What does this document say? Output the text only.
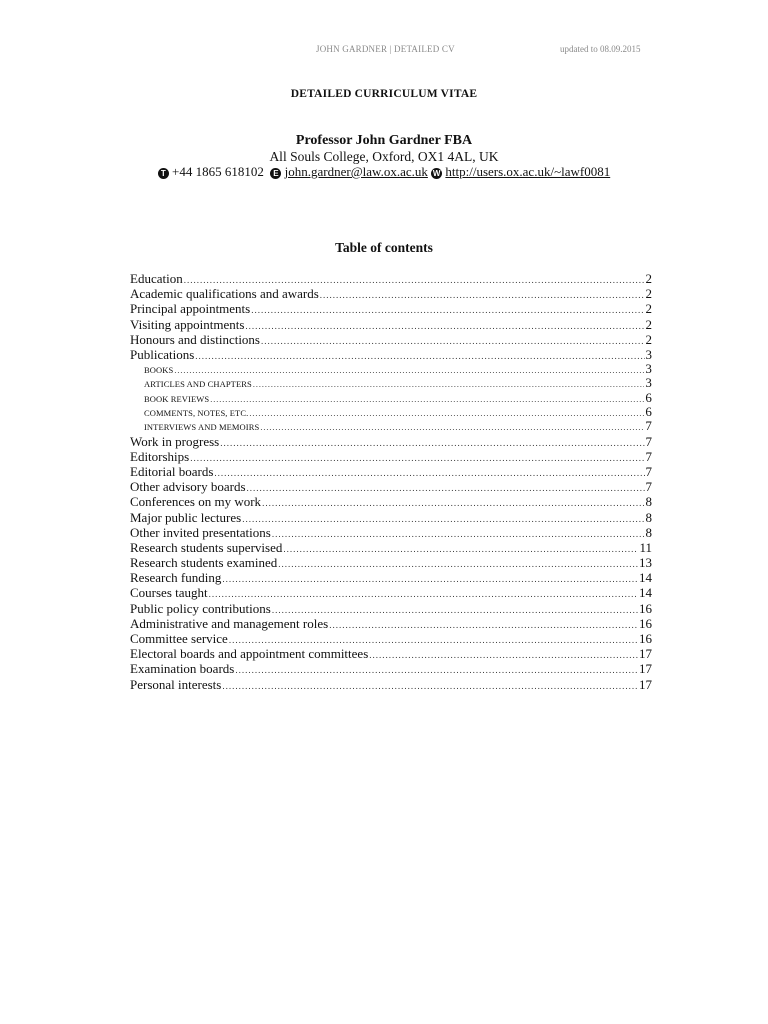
JOHN GARDNER | DETAILED CV	updated to 08.09.2015
DETAILED CURRICULUM VITAE
Professor John Gardner FBA
All Souls College, Oxford, OX1 4AL, UK
T +44 1865 618102 E john.gardner@law.ox.ac.uk W http://users.ox.ac.uk/~lawf0081
Table of contents
Education .....	2
Academic qualifications and awards .....	2
Principal appointments .....	2
Visiting appointments .....	2
Honours and distinctions .....	2
Publications .....	3
BOOKS .....	3
ARTICLES AND CHAPTERS .....	3
BOOK REVIEWS .....	6
COMMENTS, NOTES, ETC. .....	6
INTERVIEWS AND MEMOIRS .....	7
Work in progress .....	7
Editorships .....	7
Editorial boards .....	7
Other advisory boards .....	7
Conferences on my work .....	8
Major public lectures .....	8
Other invited presentations .....	8
Research students supervised .....	11
Research students examined .....	13
Research funding .....	14
Courses taught .....	14
Public policy contributions .....	16
Administrative and management roles .....	16
Committee service .....	16
Electoral boards and appointment committees .....	17
Examination boards .....	17
Personal interests .....	17
